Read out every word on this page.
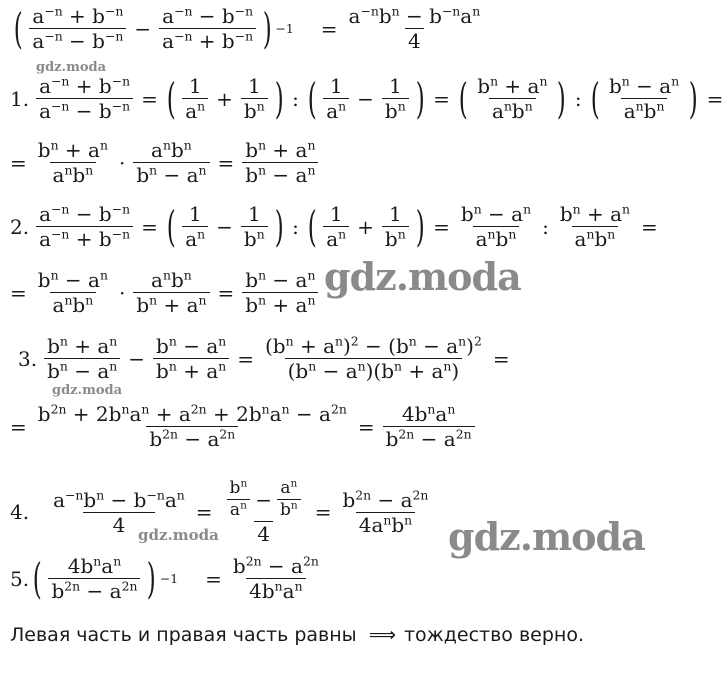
( $\frac{a^{-n} + b^{-n}}{a^{-n} - b^{-n}} - \frac{a^{-n} - b^{-n}}{a^{-n} + b^{-n}}$ ) $-1 = \frac{a^{-n}b^n - b^{-n}a^n}{4}$
gdz.moda
1. $\frac{a^{-n} + b^{-n}}{a^{-n} - b^{-n}}$ = ( $\frac{1}{a^n} + \frac{1}{b^n}$ ) : ( $\frac{1}{a^n} - \frac{1}{b^n}$ ) = ( $\frac{b^n + a^n}{a^nb^n}$ ) : ( $\frac{b^n - a^n}{a^nb^n}$ ) =
= $\frac{b^n + a^n}{a^nb^n} \cdot \frac{a^nb^n}{b^n - a^n} = \frac{b^n + a^n}{b^n - a^n}$
2. $\frac{a^{-n} - b^{-n}}{a^{-n} + b^{-n}}$ = ( $\frac{1}{a^n} - \frac{1}{b^n}$ ) : ( $\frac{1}{a^n} + \frac{1}{b^n}$ ) = $\frac{b^n - a^n}{a^nb^n}$ : $\frac{b^n + a^n}{a^nb^n}$ =
= $\frac{b^n - a^n}{a^nb^n} \cdot \frac{a^nb^n}{b^n + a^n} = \frac{b^n - a^n}{b^n + a^n}$ gdz.moda
3. $\frac{b^n + a^n}{b^n - a^n} - \frac{b^n - a^n}{b^n + a^n} = \frac{(b^n + a^n)^2 - (b^n - a^n)^2}{(b^n - a^n)(b^n + a^n)}$ =
gdz.moda
= $\frac{b^{2n} + 2b^na^n + a^{2n} + 2b^na^n - a^{2n}}{b^{2n} - a^{2n}} = \frac{4b^na^n}{b^{2n} - a^{2n}}$
4. $\frac{a^{-n}b^n - b^{-n}a^n}{4} = \frac{\frac{b^n}{a^n} - \frac{a^n}{b^n}}{4} = \frac{b^{2n} - a^{2n}}{4a^nb^n}$
gdz.moda	gdz.moda
5. ( $\frac{4b^na^n}{b^{2n} - a^{2n}}$ ) $-1 = \frac{b^{2n} - a^{2n}}{4b^na^n}$
Левая часть и правая часть равны ⟹ тождество верно.
